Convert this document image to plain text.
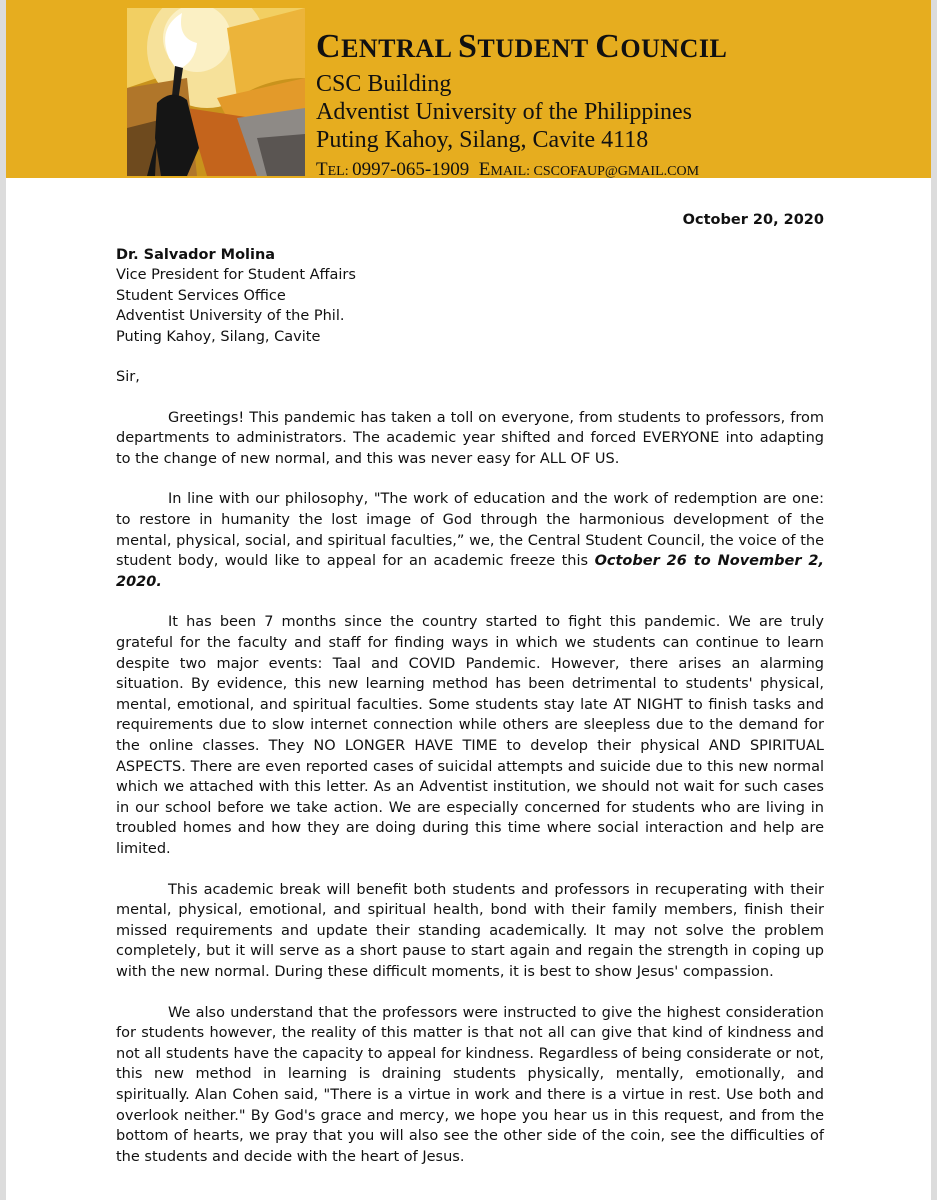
CENTRAL STUDENT COUNCIL
CSC Building
Adventist University of the Philippines
Puting Kahoy, Silang, Cavite 4118
TEL: 0997-065-1909 EMAIL: CSCOFAUP@GMAIL.COM
October 20, 2020
Dr. Salvador Molina
Vice President for Student Affairs
Student Services Office
Adventist University of the Phil.
Puting Kahoy, Silang, Cavite
Sir,

Greetings! This pandemic has taken a toll on everyone, from students to professors, from departments to administrators. The academic year shifted and forced EVERYONE into adapting to the change of new normal, and this was never easy for ALL OF US.

In line with our philosophy, "The work of education and the work of redemption are one: to restore in humanity the lost image of God through the harmonious development of the mental, physical, social, and spiritual faculties,” we, the Central Student Council, the voice of the student body, would like to appeal for an academic freeze this October 26 to November 2, 2020.

It has been 7 months since the country started to fight this pandemic. We are truly grateful for the faculty and staff for finding ways in which we students can continue to learn despite two major events: Taal and COVID Pandemic. However, there arises an alarming situation. By evidence, this new learning method has been detrimental to students' physical, mental, emotional, and spiritual faculties. Some students stay late AT NIGHT to finish tasks and requirements due to slow internet connection while others are sleepless due to the demand for the online classes. They NO LONGER HAVE TIME to develop their physical AND SPIRITUAL ASPECTS. There are even reported cases of suicidal attempts and suicide due to this new normal which we attached with this letter. As an Adventist institution, we should not wait for such cases in our school before we take action. We are especially concerned for students who are living in troubled homes and how they are doing during this time where social interaction and help are limited.

This academic break will benefit both students and professors in recuperating with their mental, physical, emotional, and spiritual health, bond with their family members, finish their missed requirements and update their standing academically. It may not solve the problem completely, but it will serve as a short pause to start again and regain the strength in coping up with the new normal. During these difficult moments, it is best to show Jesus' compassion.

We also understand that the professors were instructed to give the highest consideration for students however, the reality of this matter is that not all can give that kind of kindness and not all students have the capacity to appeal for kindness. Regardless of being considerate or not, this new method in learning is draining students physically, mentally, emotionally, and spiritually. Alan Cohen said, "There is a virtue in work and there is a virtue in rest. Use both and overlook neither." By God's grace and mercy, we hope you hear us in this request, and from the bottom of hearts, we pray that you will also see the other side of the coin, see the difficulties of the students and decide with the heart of Jesus.
